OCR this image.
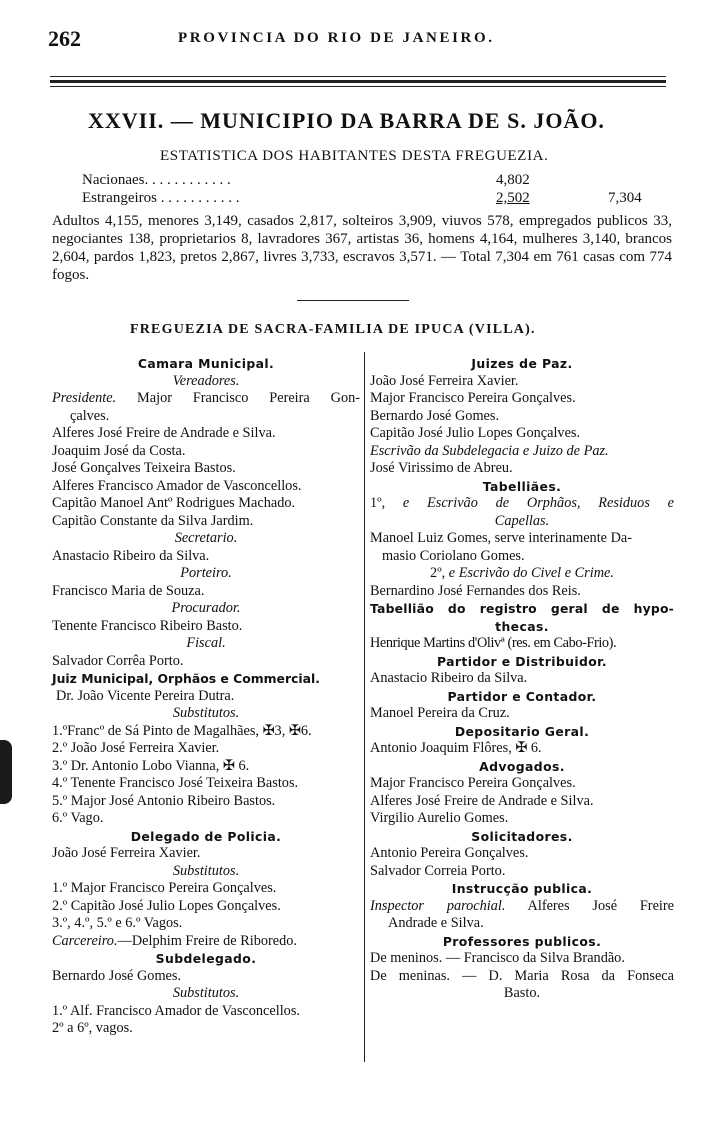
262	PROVINCIA DO RIO DE JANEIRO.
XXVII. — MUNICIPIO DA BARRA DE S. JOÃO.
ESTATISTICA DOS HABITANTES DESTA FREGUEZIA.
Nacionaes. . . . . . . . . . . .	4,802
Estrangeiros . . . . . . . . . . .	2,502	7,304
Adultos 4,155, menores 3,149, casados 2,817, solteiros 3,909, viuvos 578, empregados publicos 33, negociantes 138, proprietarios 8, lavradores 367, artistas 36, homens 4,164, mulheres 3,140, brancos 2,604, pardos 1,823, pretos 2,867, livres 3,733, escravos 3,571. — Total 7,304 em 761 casas com 774 fogos.
FREGUEZIA DE SACRA-FAMILIA DE IPUCA (VILLA).
Camara Municipal.
Vereadores.
Presidente. Major Francisco Pereira Gon-
çalves.
Alferes José Freire de Andrade e Silva.
Joaquim José da Costa.
José Gonçalves Teixeira Bastos.
Alferes Francisco Amador de Vasconcellos.
Capitão Manoel Antº Rodrigues Machado.
Capitão Constante da Silva Jardim.
Secretario.
Anastacio Ribeiro da Silva.
Porteiro.
Francisco Maria de Souza.
Procurador.
Tenente Francisco Ribeiro Basto.
Fiscal.
Salvador Corrêa Porto.
Juiz Municipal, Orphãos e Commercial.
Dr. João Vicente Pereira Dutra.
Substitutos.
1.ºFrancº de Sá Pinto de Magalhães, ✠3, ✠6.
2.º João José Ferreira Xavier.
3.º Dr. Antonio Lobo Vianna, ✠ 6.
4.º Tenente Francisco José Teixeira Bastos.
5.º Major José Antonio Ribeiro Bastos.
6.º Vago.
Delegado de Policia.
João José Ferreira Xavier.
Substitutos.
1.º Major Francisco Pereira Gonçalves.
2.º Capitão José Julio Lopes Gonçalves.
3.º, 4.º, 5.º e 6.º Vagos.
Carcereiro.—Delphim Freire de Riboredo.
Subdelegado.
Bernardo José Gomes.
Substitutos.
1.º Alf. Francisco Amador de Vasconcellos.
2º a 6º, vagos.
Juizes de Paz.
João José Ferreira Xavier.
Major Francisco Pereira Gonçalves.
Bernardo José Gomes.
Capitão José Julio Lopes Gonçalves.
Escrivão da Subdelegacia e Juizo de Paz.
José Virissimo de Abreu.
Tabelliães.
1º, e Escrivão de Orphãos, Residuos e
Capellas.
Manoel Luiz Gomes, serve interinamente Da-
masio Coriolano Gomes.
2º, e Escrivão do Civel e Crime.
Bernardino José Fernandes dos Reis.
Tabellião do registro geral de hypo-
thecas.
Henrique Martins d'Olivª (res. em Cabo-Frio).
Partidor e Distribuidor.
Anastacio Ribeiro da Silva.
Partidor e Contador.
Manoel Pereira da Cruz.
Depositario Geral.
Antonio Joaquim Flôres, ✠ 6.
Advogados.
Major Francisco Pereira Gonçalves.
Alferes José Freire de Andrade e Silva.
Virgilio Aurelio Gomes.
Solicitadores.
Antonio Pereira Gonçalves.
Salvador Correia Porto.
Instrucção publica.
Inspector parochial. Alferes José Freire
Andrade e Silva.
Professores publicos.
De meninos. — Francisco da Silva Brandão.
De meninas. — D. Maria Rosa da Fonseca
Basto.
